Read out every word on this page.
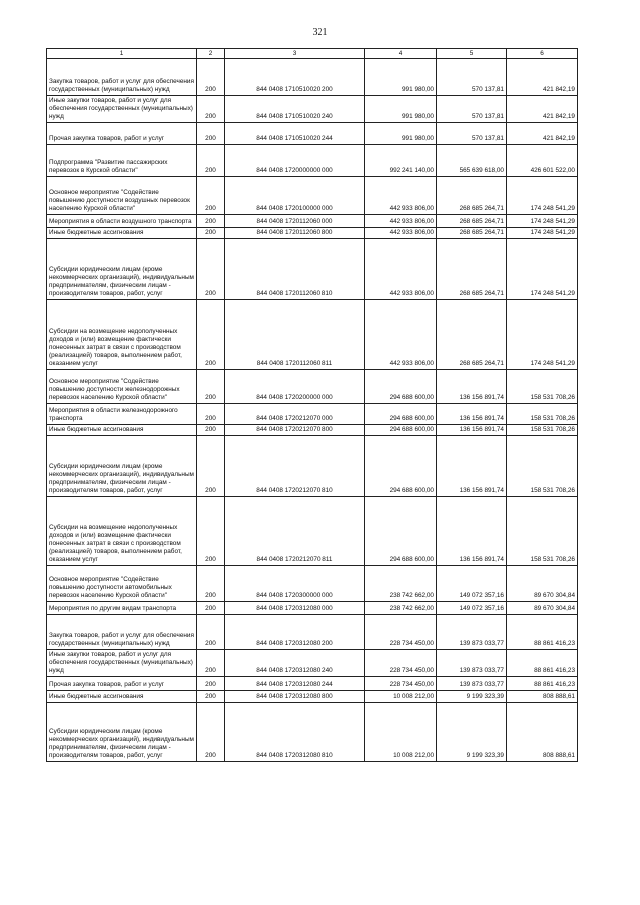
321
1	2	3	4	5	6
Закупка товаров, работ и услуг для обеспечения государственных (муниципальных) нужд	200	844 0408 1710510020 200	991 980,00	570 137,81	421 842,19
Иные закупки товаров, работ и услуг для обеспечения государственных (муниципальных) нужд	200	844 0408 1710510020 240	991 980,00	570 137,81	421 842,19
Прочая закупка товаров, работ и услуг	200	844 0408 1710510020 244	991 980,00	570 137,81	421 842,19
Подпрограмма "Развитие пассажирских перевозок в Курской области"	200	844 0408 1720000000 000	992 241 140,00	565 639 618,00	426 601 522,00
Основное мероприятие "Содействие повышению доступности воздушных перевозок населению Курской области"	200	844 0408 1720100000 000	442 933 806,00	268 685 264,71	174 248 541,29
Мероприятия в области воздушного транспорта	200	844 0408 1720112060 000	442 933 806,00	268 685 264,71	174 248 541,29
Иные бюджетные ассигнования	200	844 0408 1720112060 800	442 933 806,00	268 685 264,71	174 248 541,29
Субсидии юридическим лицам (кроме некоммерческих организаций), индивидуальным предпринимателям, физическим лицам - производителям товаров, работ, услуг	200	844 0408 1720112060 810	442 933 806,00	268 685 264,71	174 248 541,29
Субсидии на возмещение недополученных доходов и (или) возмещение фактически понесенных затрат в связи с производством (реализацией) товаров, выполнением работ, оказанием услуг	200	844 0408 1720112060 811	442 933 806,00	268 685 264,71	174 248 541,29
Основное мероприятие "Содействие повышению доступности железнодорожных перевозок населению Курской области"	200	844 0408 1720200000 000	294 688 600,00	136 156 891,74	158 531 708,26
Мероприятия в области железнодорожного транспорта	200	844 0408 1720212070 000	294 688 600,00	136 156 891,74	158 531 708,26
Иные бюджетные ассигнования	200	844 0408 1720212070 800	294 688 600,00	136 156 891,74	158 531 708,26
Субсидии юридическим лицам (кроме некоммерческих организаций), индивидуальным предпринимателям, физическим лицам - производителям товаров, работ, услуг	200	844 0408 1720212070 810	294 688 600,00	136 156 891,74	158 531 708,26
Субсидии на возмещение недополученных доходов и (или) возмещение фактически понесенных затрат в связи с производством (реализацией) товаров, выполнением работ, оказанием услуг	200	844 0408 1720212070 811	294 688 600,00	136 156 891,74	158 531 708,26
Основное мероприятие "Содействие повышению доступности автомобильных перевозок населению Курской области"	200	844 0408 1720300000 000	238 742 662,00	149 072 357,16	89 670 304,84
Мероприятия по другим видам транспорта	200	844 0408 1720312080 000	238 742 662,00	149 072 357,16	89 670 304,84
Закупка товаров, работ и услуг для обеспечения государственных (муниципальных) нужд	200	844 0408 1720312080 200	228 734 450,00	139 873 033,77	88 861 416,23
Иные закупки товаров, работ и услуг для обеспечения государственных (муниципальных) нужд	200	844 0408 1720312080 240	228 734 450,00	139 873 033,77	88 861 416,23
Прочая закупка товаров, работ и услуг	200	844 0408 1720312080 244	228 734 450,00	139 873 033,77	88 861 416,23
Иные бюджетные ассигнования	200	844 0408 1720312080 800	10 008 212,00	9 199 323,39	808 888,61
Субсидии юридическим лицам (кроме некоммерческих организаций), индивидуальным предпринимателям, физическим лицам - производителям товаров, работ, услуг	200	844 0408 1720312080 810	10 008 212,00	9 199 323,39	808 888,61
